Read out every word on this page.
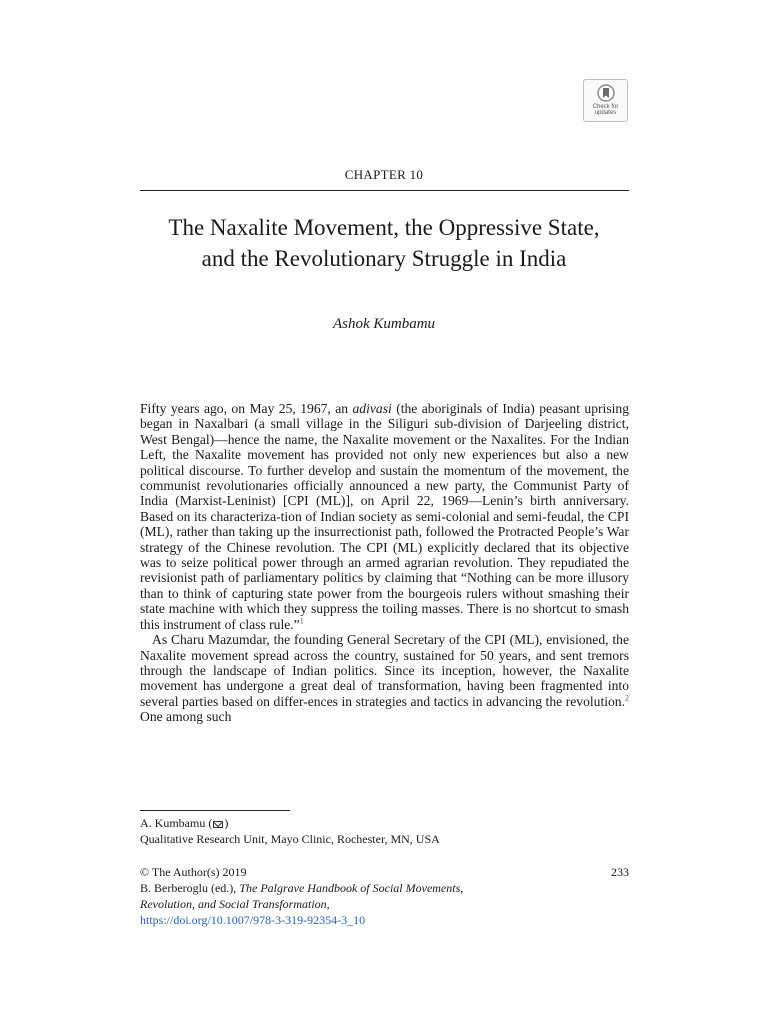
Check for
updates
CHAPTER 10
The Naxalite Movement, the Oppressive State,
and the Revolutionary Struggle in India
Ashok Kumbamu

Fifty years ago, on May 25, 1967, an adivasi (the aboriginals of India) peasant uprising began in Naxalbari (a small village in the Siliguri sub-division of Darjeeling district, West Bengal)—hence the name, the Naxalite movement or the Naxalites. For the Indian Left, the Naxalite movement has provided not only new experiences but also a new political discourse. To further develop and sustain the momentum of the movement, the communist revolutionaries officially announced a new party, the Communist Party of India (Marxist-Leninist) [CPI (ML)], on April 22, 1969—Lenin’s birth anniversary. Based on its characteriza-tion of Indian society as semi-colonial and semi-feudal, the CPI (ML), rather than taking up the insurrectionist path, followed the Protracted People’s War strategy of the Chinese revolution. The CPI (ML) explicitly declared that its objective was to seize political power through an armed agrarian revolution. They repudiated the revisionist path of parliamentary politics by claiming that “Nothing can be more illusory than to think of capturing state power from the bourgeois rulers without smashing their state machine with which they suppress the toiling masses. There is no shortcut to smash this instrument of class rule.”$^1$

As Charu Mazumdar, the founding General Secretary of the CPI (ML), envisioned, the Naxalite movement spread across the country, sustained for 50 years, and sent tremors through the landscape of Indian politics. Since its inception, however, the Naxalite movement has undergone a great deal of transformation, having been fragmented into several parties based on differ-ences in strategies and tactics in advancing the revolution.$^2$ One among such

A. Kumbamu ( )
Qualitative Research Unit, Mayo Clinic, Rochester, MN, USA
233
© The Author(s) 2019
B. Berberoglu (ed.), The Palgrave Handbook of Social Movements,
Revolution, and Social Transformation,
https://doi.org/10.1007/978-3-319-92354-3_10
